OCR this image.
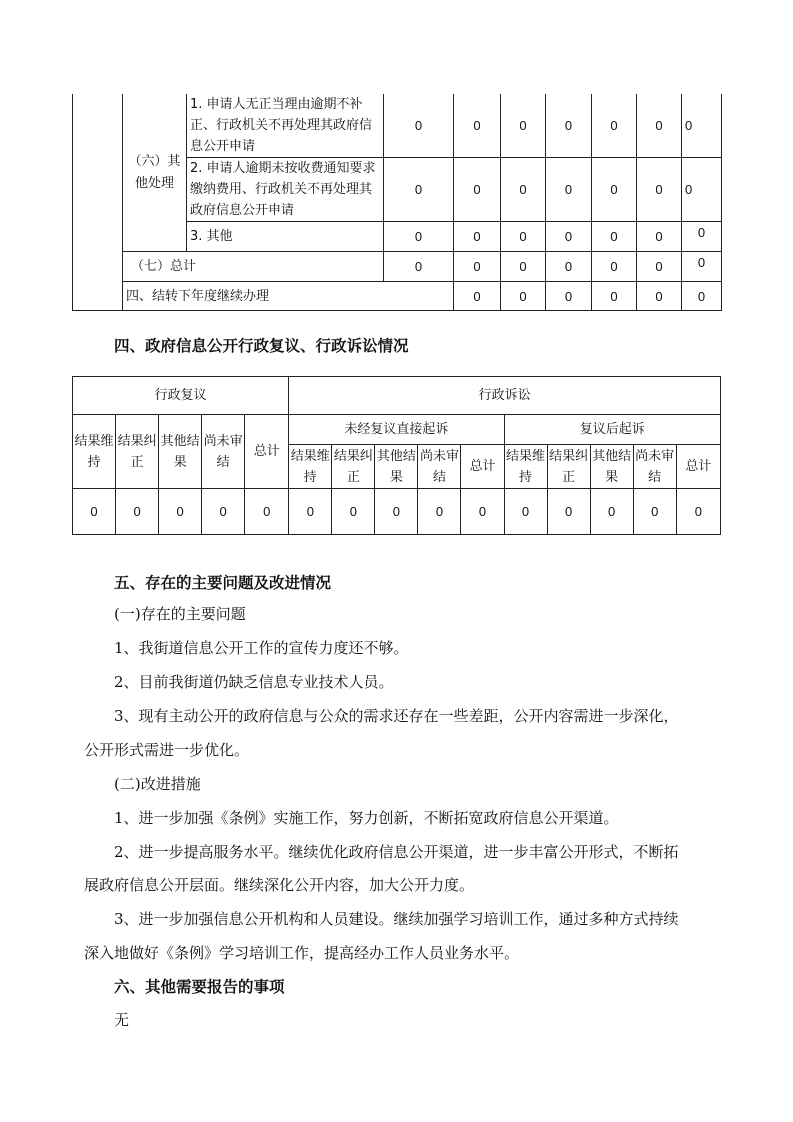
	（六）其他处理	1. 申请人无正当理由逾期不补正、行政机关不再处理其政府信息公开申请	0	0	0	0	0	0	0	
		2. 申请人逾期未按收费通知要求缴纳费用、行政机关不再处理其政府信息公开申请	0	0	0	0	0	0	0	
		3. 其他	0	0	0	0	0	0	0	
	（七）总计		0	0	0	0	0	0	0	
	四、结转下年度继续办理			0	0	0	0	0	0	
四、政府信息公开行政复议、行政诉讼情况
行政复议					行政诉讼									
结果维持	结果纠正	其他结果	尚未审结	总计	未经复议直接起诉					复议后起诉				
					结果维持	结果纠正	其他结果	尚未审结	总计	结果维持	结果纠正	其他结果	尚未审结	总计
0	0	0	0	0	0	0	0	0	0	0	0	0	0	0
五、存在的主要问题及改进情况
(一)存在的主要问题
1、我街道信息公开工作的宣传力度还不够。
2、目前我街道仍缺乏信息专业技术人员。
3、现有主动公开的政府信息与公众的需求还存在一些差距，公开内容需进一步深化，
公开形式需进一步优化。
(二)改进措施
1、进一步加强《条例》实施工作，努力创新，不断拓宽政府信息公开渠道。
2、进一步提高服务水平。继续优化政府信息公开渠道，进一步丰富公开形式，不断拓
展政府信息公开层面。继续深化公开内容，加大公开力度。
3、进一步加强信息公开机构和人员建设。继续加强学习培训工作，通过多种方式持续
深入地做好《条例》学习培训工作，提高经办工作人员业务水平。
六、其他需要报告的事项
无
